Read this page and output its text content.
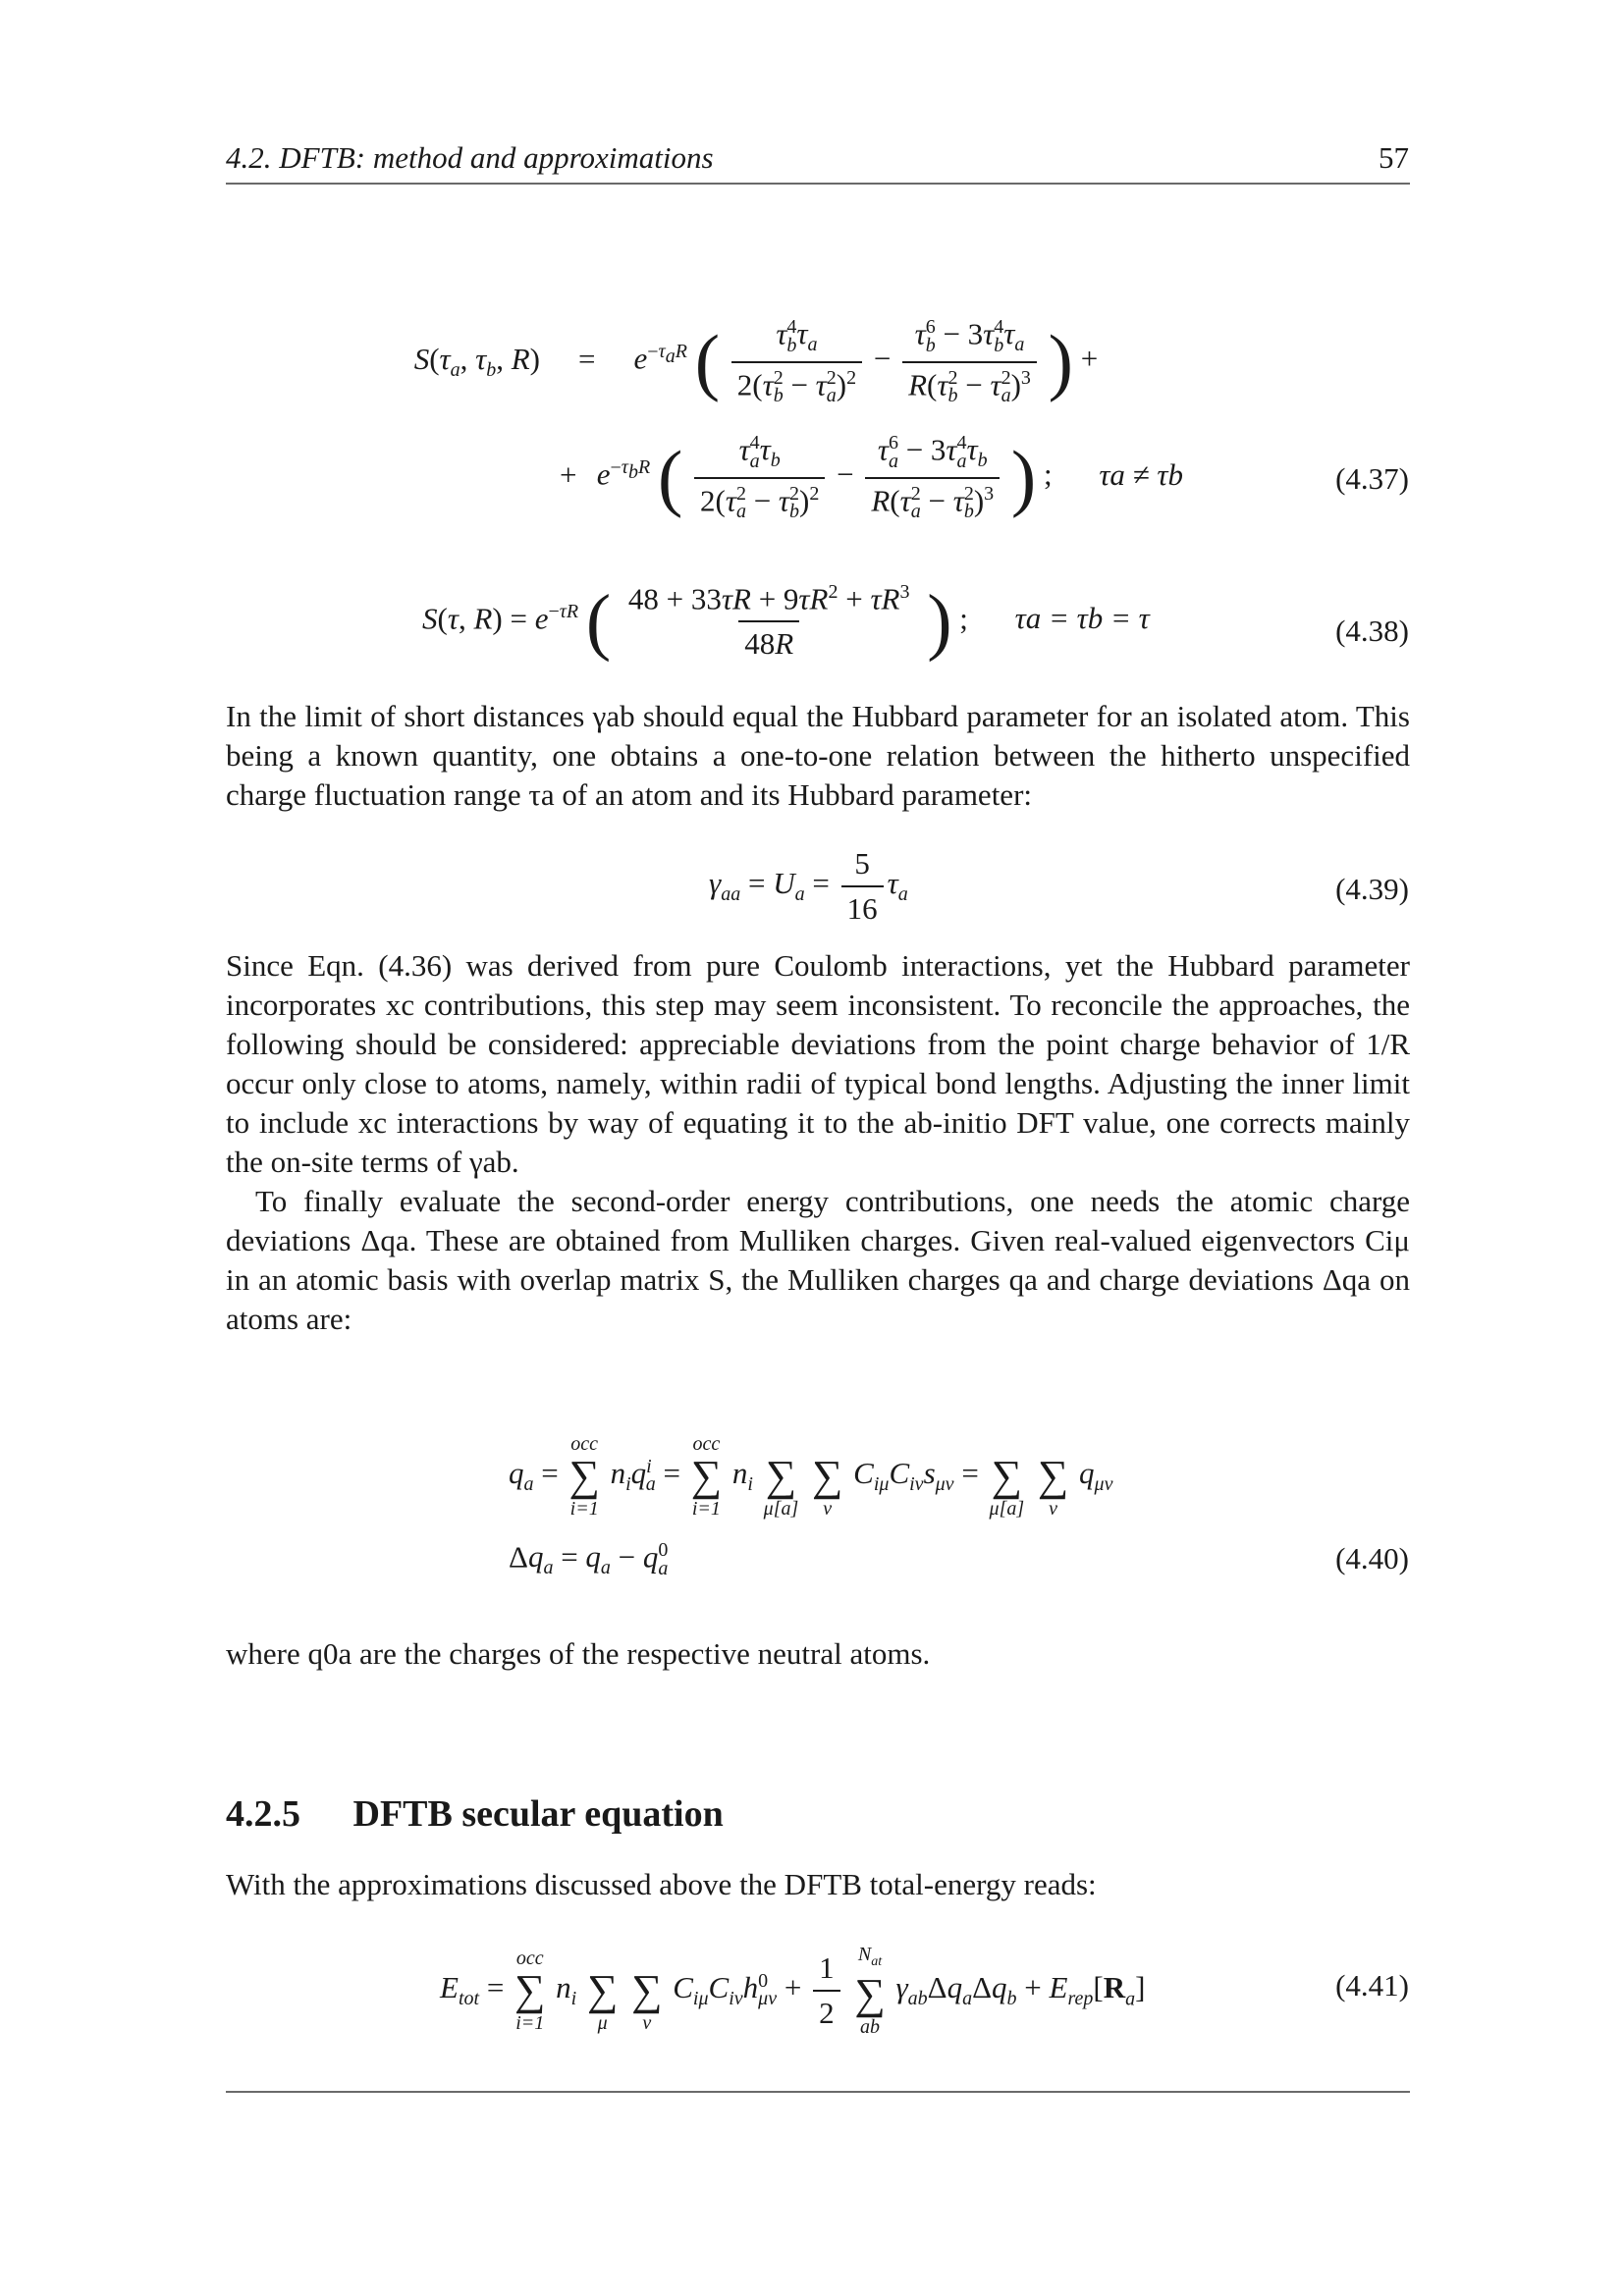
4.2. DFTB: method and approximations	57
$S(\tau_a$, $\tau_b$, $R) = e^{-\tau_aR}$ ( $\frac{\tau^4_b\tau_a}{2(\tau^2_b - \tau^2_a)^2} - \frac{\tau^6_b - 3\tau^4_b\tau_a}{R(\tau^2_b - \tau^2_a)^3}$ ) +
+ $e^{-\tau_bR}$ ( $\frac{\tau^4_a\tau_b}{2(\tau^2_a - \tau^2_b)^2} - \frac{\tau^6_a - 3\tau^4_a\tau_b}{R(\tau^2_a - \tau^2_b)^3}$ ) ; τa ≠ τb	(4.37)
S(τ, $R) = e^{-\tau R}$ ( $\frac{48 + 33\tau R + 9\tau R^2 + \tau R^3}{48R}$ ) ; τa = τb = τ	(4.38)

In the limit of short distances γab should equal the Hubbard parameter for an isolated atom. This being a known quantity, one obtains a one-to-one relation between the hitherto unspecified charge fluctuation range τa of an atom and its Hubbard parameter:

$\gamma_{aa} = U_a = \frac{5}{16} \tau_a$	(4.39)

Since Eqn. (4.36) was derived from pure Coulomb interactions, yet the Hubbard parameter incorporates xc contributions, this step may seem inconsistent. To reconcile the approaches, the following should be considered: appreciable deviations from the point charge behavior of 1/R occur only close to atoms, namely, within radii of typical bond lengths. Adjusting the inner limit to include xc interactions by way of equating it to the ab-initio DFT value, one corrects mainly the on-site terms of γab.

To finally evaluate the second-order energy contributions, one needs the atomic charge deviations Δqa. These are obtained from Mulliken charges. Given real-valued eigenvectors Ciμ in an atomic basis with overlap matrix S, the Mulliken charges qa and charge deviations Δqa on atoms are:

$q_a$ =
occ
∑
i=1
$n_iq^i_a$ =
occ
∑
i=1
$n_i$
∑
μ[a]

∑
ν
$C_{i\mu}C_{i\nu}s_{\mu\nu}$ =
∑
μ[a]

∑
ν
$q_{\mu\nu}$
$\Delta q_a = q_a - q^0_a$	(4.40)

where q0a are the charges of the respective neutral atoms.

4.2.5 DFTB secular equation

With the approximations discussed above the DFTB total-energy reads:

$E_{tot}$ =
occ
∑
i=1
$n_i$
∑
μ

∑
ν
$C_{i\mu}C_{i\nu}h^0_{\mu\nu} + \frac{1}{2}$
$N_{at}$
∑
ab
$\gamma_{ab}\Delta q_a\Delta q_b + E_{rep}[R_a]$	(4.41)
